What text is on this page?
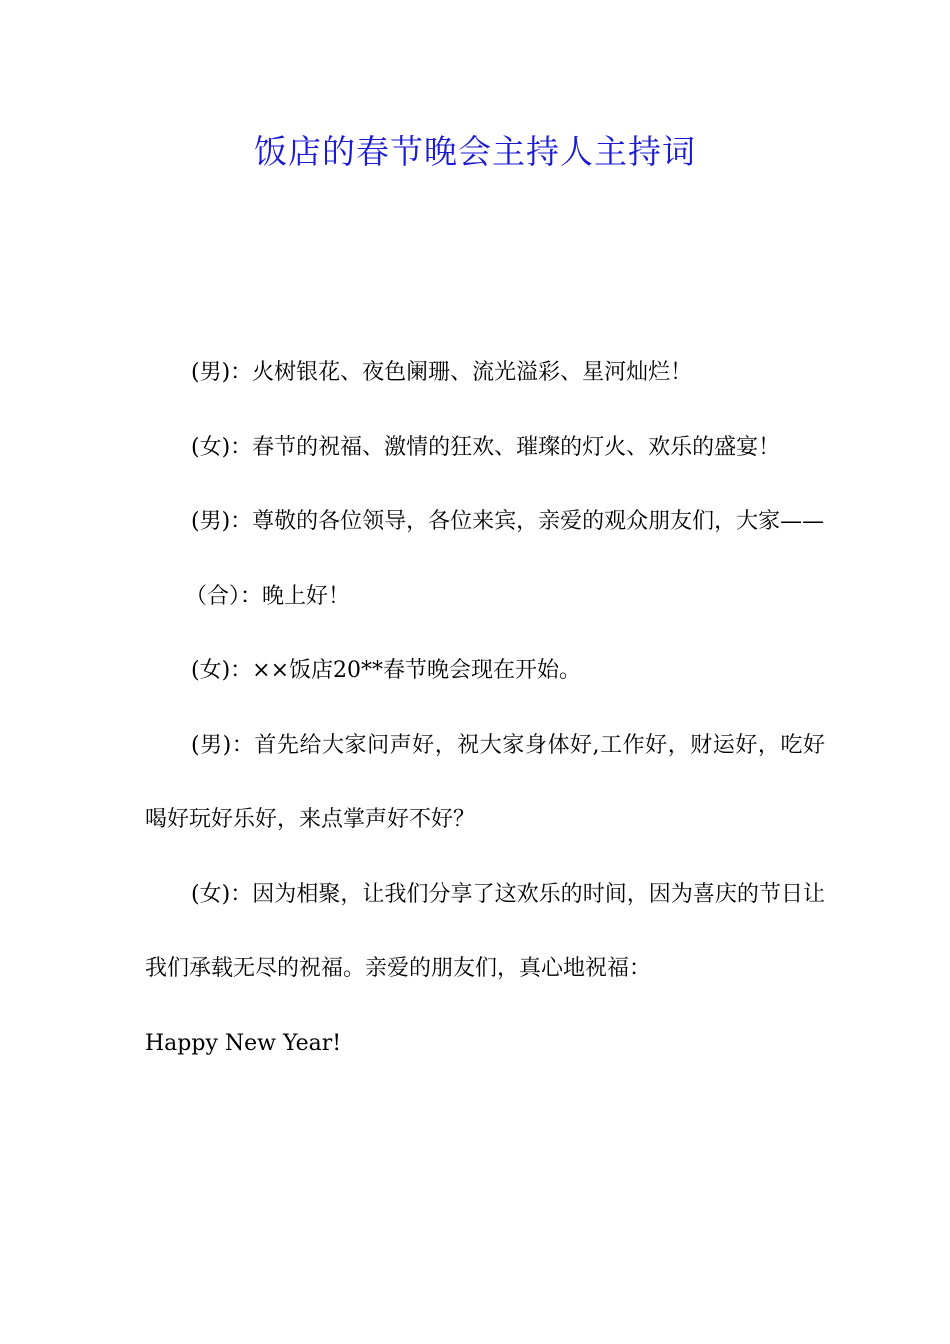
饭店的春节晚会主持人主持词

(男)：火树银花、夜色阑珊、流光溢彩、星河灿烂！

(女)：春节的祝福、激情的狂欢、璀璨的灯火、欢乐的盛宴！

(男)：尊敬的各位领导，各位来宾，亲爱的观众朋友们，大家——

（合）：晚上好！

(女)：××饭店20**春节晚会现在开始。

(男)：首先给大家问声好，祝大家身体好,工作好，财运好，吃好喝好玩好乐好，来点掌声好不好？

(女)：因为相聚，让我们分享了这欢乐的时间，因为喜庆的节日让我们承载无尽的祝福。亲爱的朋友们，真心地祝福：

Happy New Year!
